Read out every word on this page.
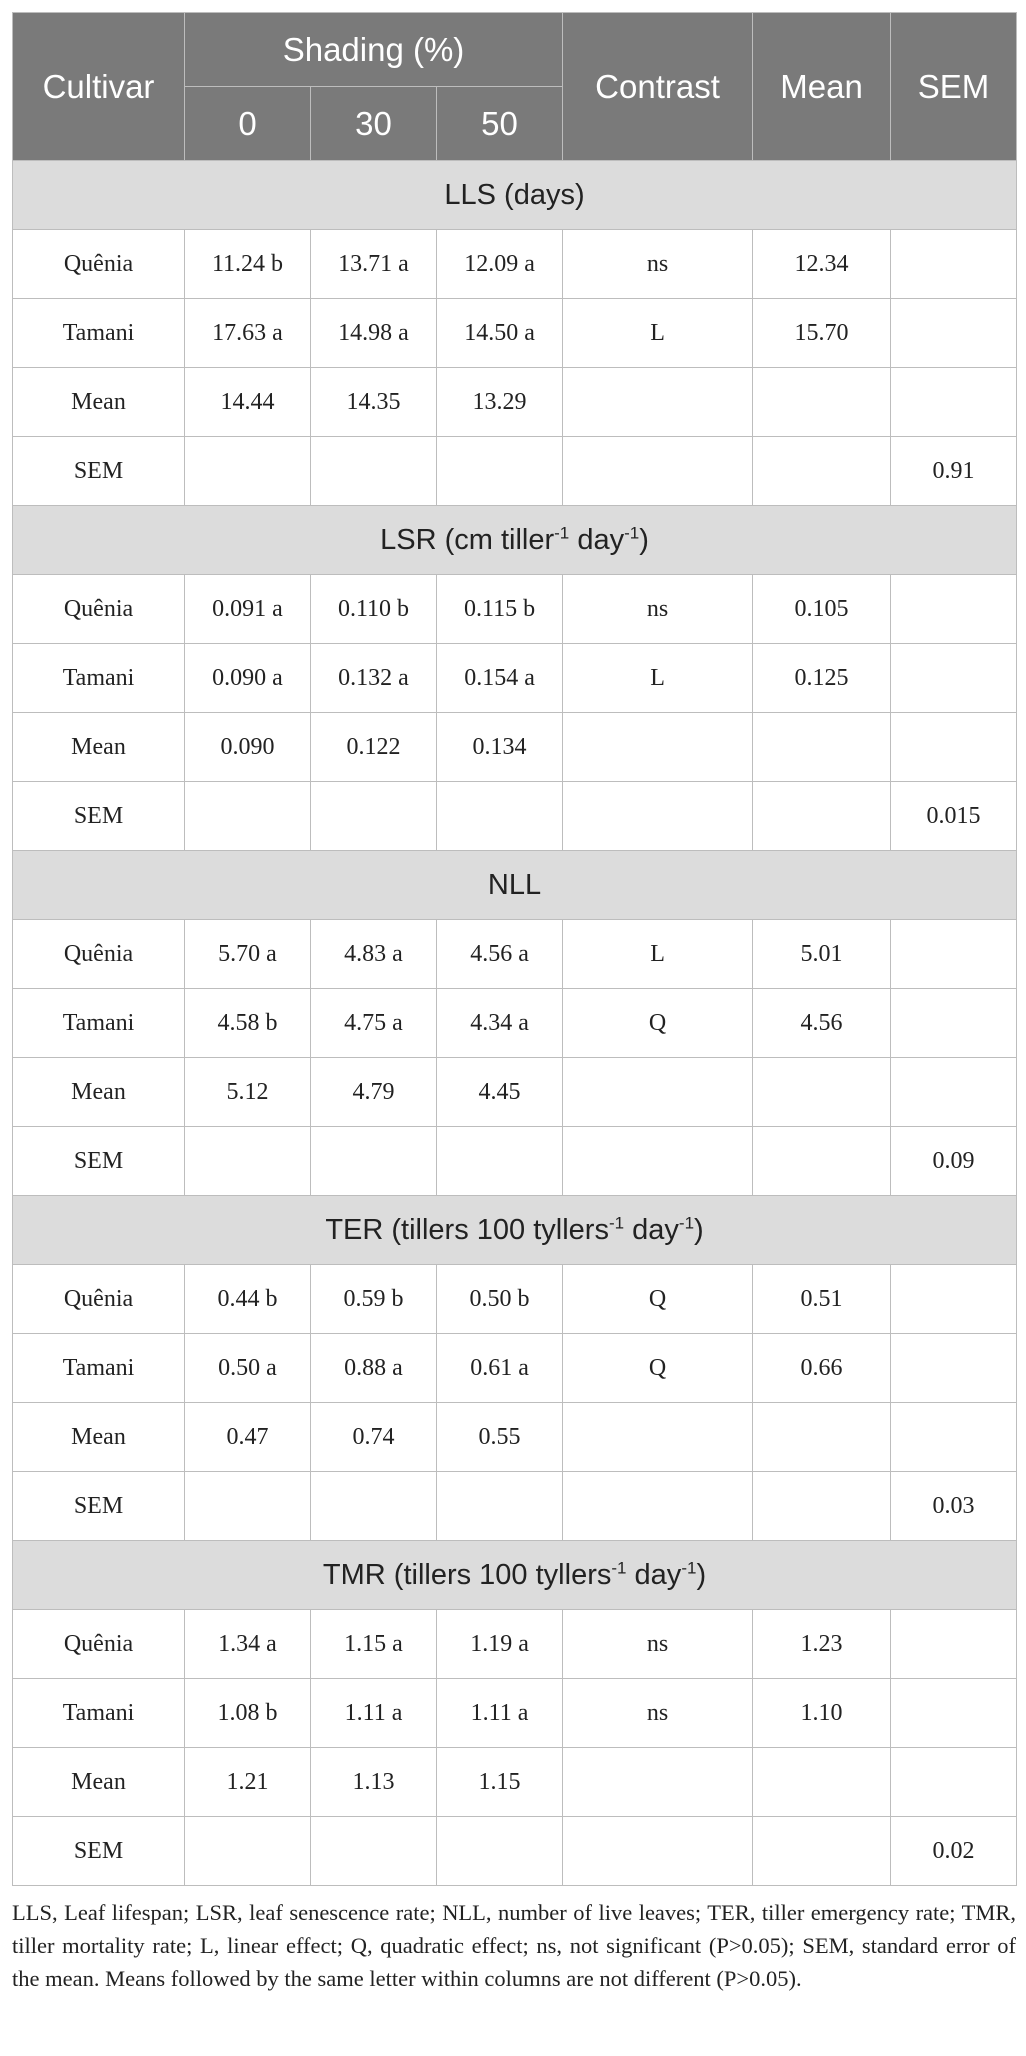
Cultivar	Shading (%)			Contrast	Mean	SEM
	0	30	50			
LLS (days)						
Quênia	11.24 b	13.71 a	12.09 a	ns	12.34	
Tamani	17.63 a	14.98 a	14.50 a	L	15.70	
Mean	14.44	14.35	13.29			
SEM						0.91
LSR (cm tiller$^{-1}$ day$^{-1}$)						
Quênia	0.091 a	0.110 b	0.115 b	ns	0.105	
Tamani	0.090 a	0.132 a	0.154 a	L	0.125	
Mean	0.090	0.122	0.134			
SEM						0.015
NLL						
Quênia	5.70 a	4.83 a	4.56 a	L	5.01	
Tamani	4.58 b	4.75 a	4.34 a	Q	4.56	
Mean	5.12	4.79	4.45			
SEM						0.09
TER (tillers 100 tyllers$^{-1}$ day$^{-1}$)						
Quênia	0.44 b	0.59 b	0.50 b	Q	0.51	
Tamani	0.50 a	0.88 a	0.61 a	Q	0.66	
Mean	0.47	0.74	0.55			
SEM						0.03
TMR (tillers 100 tyllers$^{-1}$ day$^{-1}$)						
Quênia	1.34 a	1.15 a	1.19 a	ns	1.23	
Tamani	1.08 b	1.11 a	1.11 a	ns	1.10	
Mean	1.21	1.13	1.15			
SEM						0.02

LLS, Leaf lifespan; LSR, leaf senescence rate; NLL, number of live leaves; TER, tiller emergency rate; TMR, tiller mortality rate; L, linear effect; Q, quadratic effect; ns, not significant (P>0.05); SEM, standard error of the mean. Means followed by the same letter within columns are not different (P>0.05).
